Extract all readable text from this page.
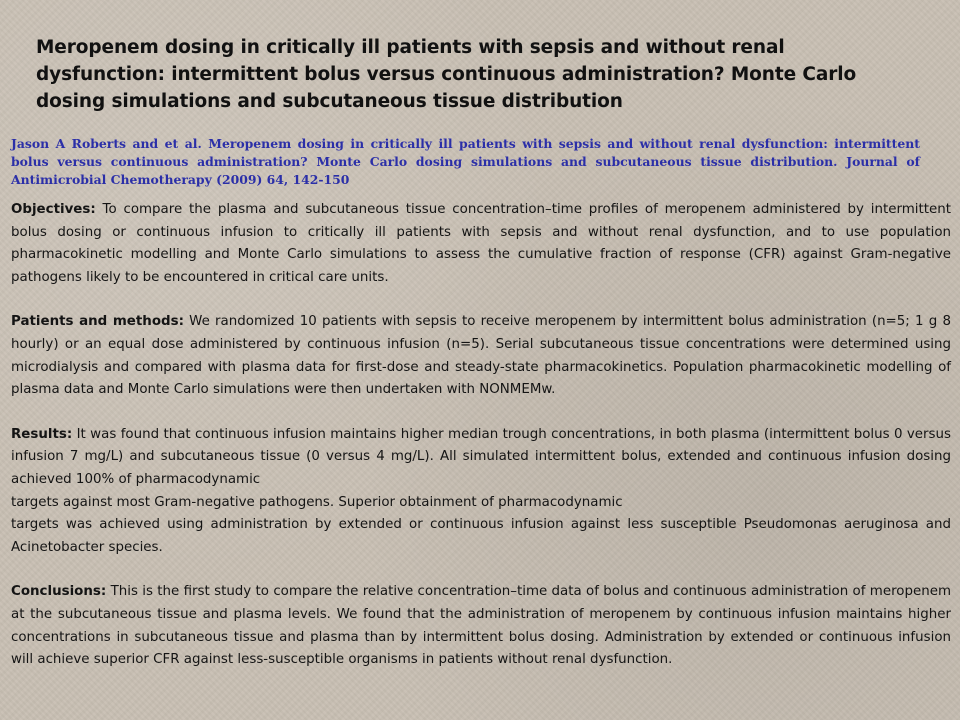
Meropenem dosing in critically ill patients with sepsis and without renal dysfunction: intermittent bolus versus continuous administration? Monte Carlo dosing simulations and subcutaneous tissue distribution
Jason A Roberts and et al. Meropenem dosing in critically ill patients with sepsis and without renal dysfunction: intermittent bolus versus continuous administration? Monte Carlo dosing simulations and subcutaneous tissue distribution. Journal of Antimicrobial Chemotherapy (2009) 64, 142-150

Objectives: To compare the plasma and subcutaneous tissue concentration–time profiles of meropenem administered by intermittent bolus dosing or continuous infusion to critically ill patients with sepsis and without renal dysfunction, and to use population pharmacokinetic modelling and Monte Carlo simulations to assess the cumulative fraction of response (CFR) against Gram-negative pathogens likely to be encountered in critical care units.

Patients and methods: We randomized 10 patients with sepsis to receive meropenem by intermittent bolus administration (n=5; 1 g 8 hourly) or an equal dose administered by continuous infusion (n=5). Serial subcutaneous tissue concentrations were determined using microdialysis and compared with plasma data for first-dose and steady-state pharmacokinetics. Population pharmacokinetic modelling of plasma data and Monte Carlo simulations were then undertaken with NONMEMw.

Results: It was found that continuous infusion maintains higher median trough concentrations, in both plasma (intermittent bolus 0 versus infusion 7 mg/L) and subcutaneous tissue (0 versus 4 mg/L). All simulated intermittent bolus, extended and continuous infusion dosing achieved 100% of pharmacodynamic

targets against most Gram-negative pathogens. Superior obtainment of pharmacodynamic

targets was achieved using administration by extended or continuous infusion against less susceptible Pseudomonas aeruginosa and Acinetobacter species.

Conclusions: This is the first study to compare the relative concentration–time data of bolus and continuous administration of meropenem at the subcutaneous tissue and plasma levels. We found that the administration of meropenem by continuous infusion maintains higher concentrations in subcutaneous tissue and plasma than by intermittent bolus dosing. Administration by extended or continuous infusion will achieve superior CFR against less-susceptible organisms in patients without renal dysfunction.
